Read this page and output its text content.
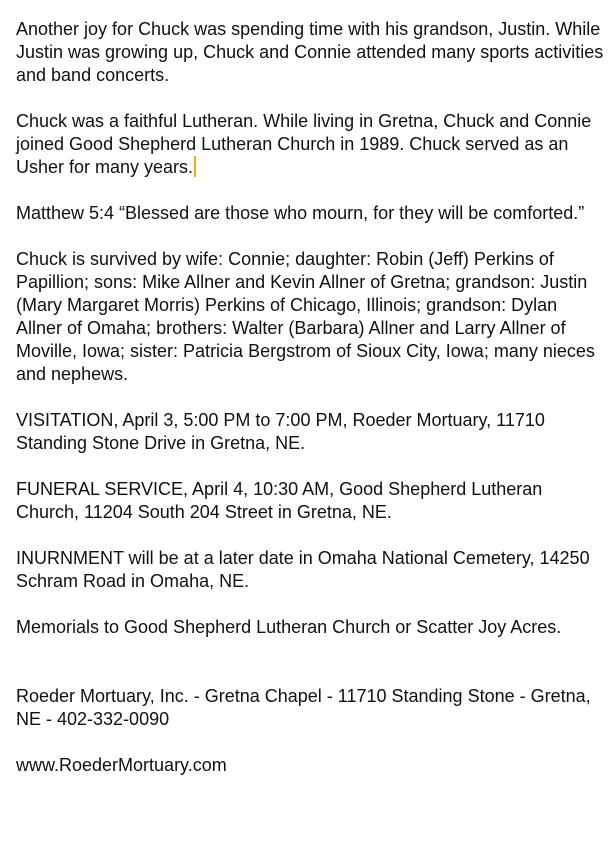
Another joy for Chuck was spending time with his grandson, Justin. While Justin was growing up, Chuck and Connie attended many sports activities and band concerts.

Chuck was a faithful Lutheran. While living in Gretna, Chuck and Connie joined Good Shepherd Lutheran Church in 1989. Chuck served as an Usher for many years.

Matthew 5:4 “Blessed are those who mourn, for they will be comforted.”

Chuck is survived by wife: Connie; daughter: Robin (Jeff) Perkins of Papillion; sons: Mike Allner and Kevin Allner of Gretna; grandson: Justin (Mary Margaret Morris) Perkins of Chicago, Illinois; grandson: Dylan Allner of Omaha; brothers: Walter (Barbara) Allner and Larry Allner of Moville, Iowa; sister: Patricia Bergstrom of Sioux City, Iowa; many nieces and nephews.

VISITATION, April 3, 5:00 PM to 7:00 PM, Roeder Mortuary, 11710 Standing Stone Drive in Gretna, NE.

FUNERAL SERVICE, April 4, 10:30 AM, Good Shepherd Lutheran Church, 11204 South 204 Street in Gretna, NE.

INURNMENT will be at a later date in Omaha National Cemetery, 14250 Schram Road in Omaha, NE.

Memorials to Good Shepherd Lutheran Church or Scatter Joy Acres.

Roeder Mortuary, Inc. - Gretna Chapel - 11710 Standing Stone - Gretna, NE - 402-332-0090

www.RoederMortuary.com
